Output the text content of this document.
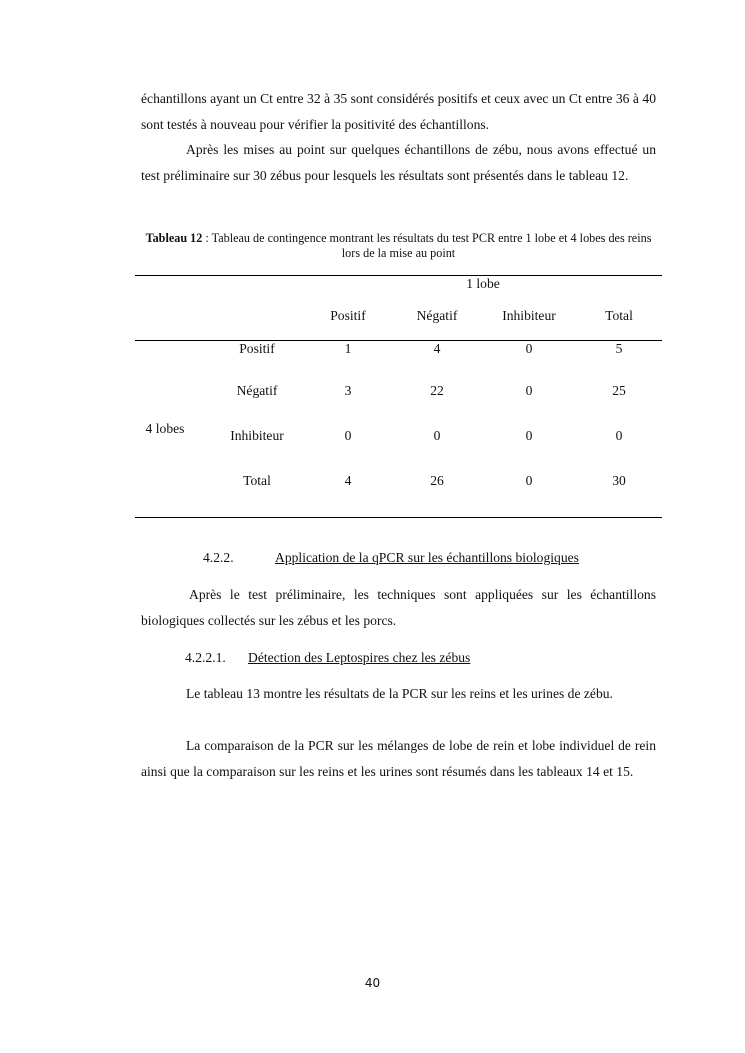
échantillons ayant un Ct entre 32 à 35 sont considérés positifs et ceux avec un Ct entre 36 à 40 sont testés à nouveau pour vérifier la positivité des échantillons.

Après les mises au point sur quelques échantillons de zébu, nous avons effectué un test préliminaire sur 30 zébus pour lesquels les résultats sont présentés dans le tableau 12.

Tableau 12 : Tableau de contingence montrant les résultats du test PCR entre 1 lobe et 4 lobes des reins lors de la mise au point
1 lobe
Positif	Négatif	Inhibiteur	Total
4 lobes
Positif	1	4	0	5
Négatif	3	22	0	25
Inhibiteur	0	0	0	0
Total	4	26	0	30
4.2.2.	Application de la qPCR sur les échantillons biologiques

Après le test préliminaire, les techniques sont appliquées sur les échantillons biologiques collectés sur les zébus et les porcs.

4.2.2.1. Détection des Leptospires chez les zébus

Le tableau 13 montre les résultats de la PCR sur les reins et les urines de zébu.

La comparaison de la PCR sur les mélanges de lobe de rein et lobe individuel de rein ainsi que la comparaison sur les reins et les urines sont résumés dans les tableaux 14 et 15.

40
